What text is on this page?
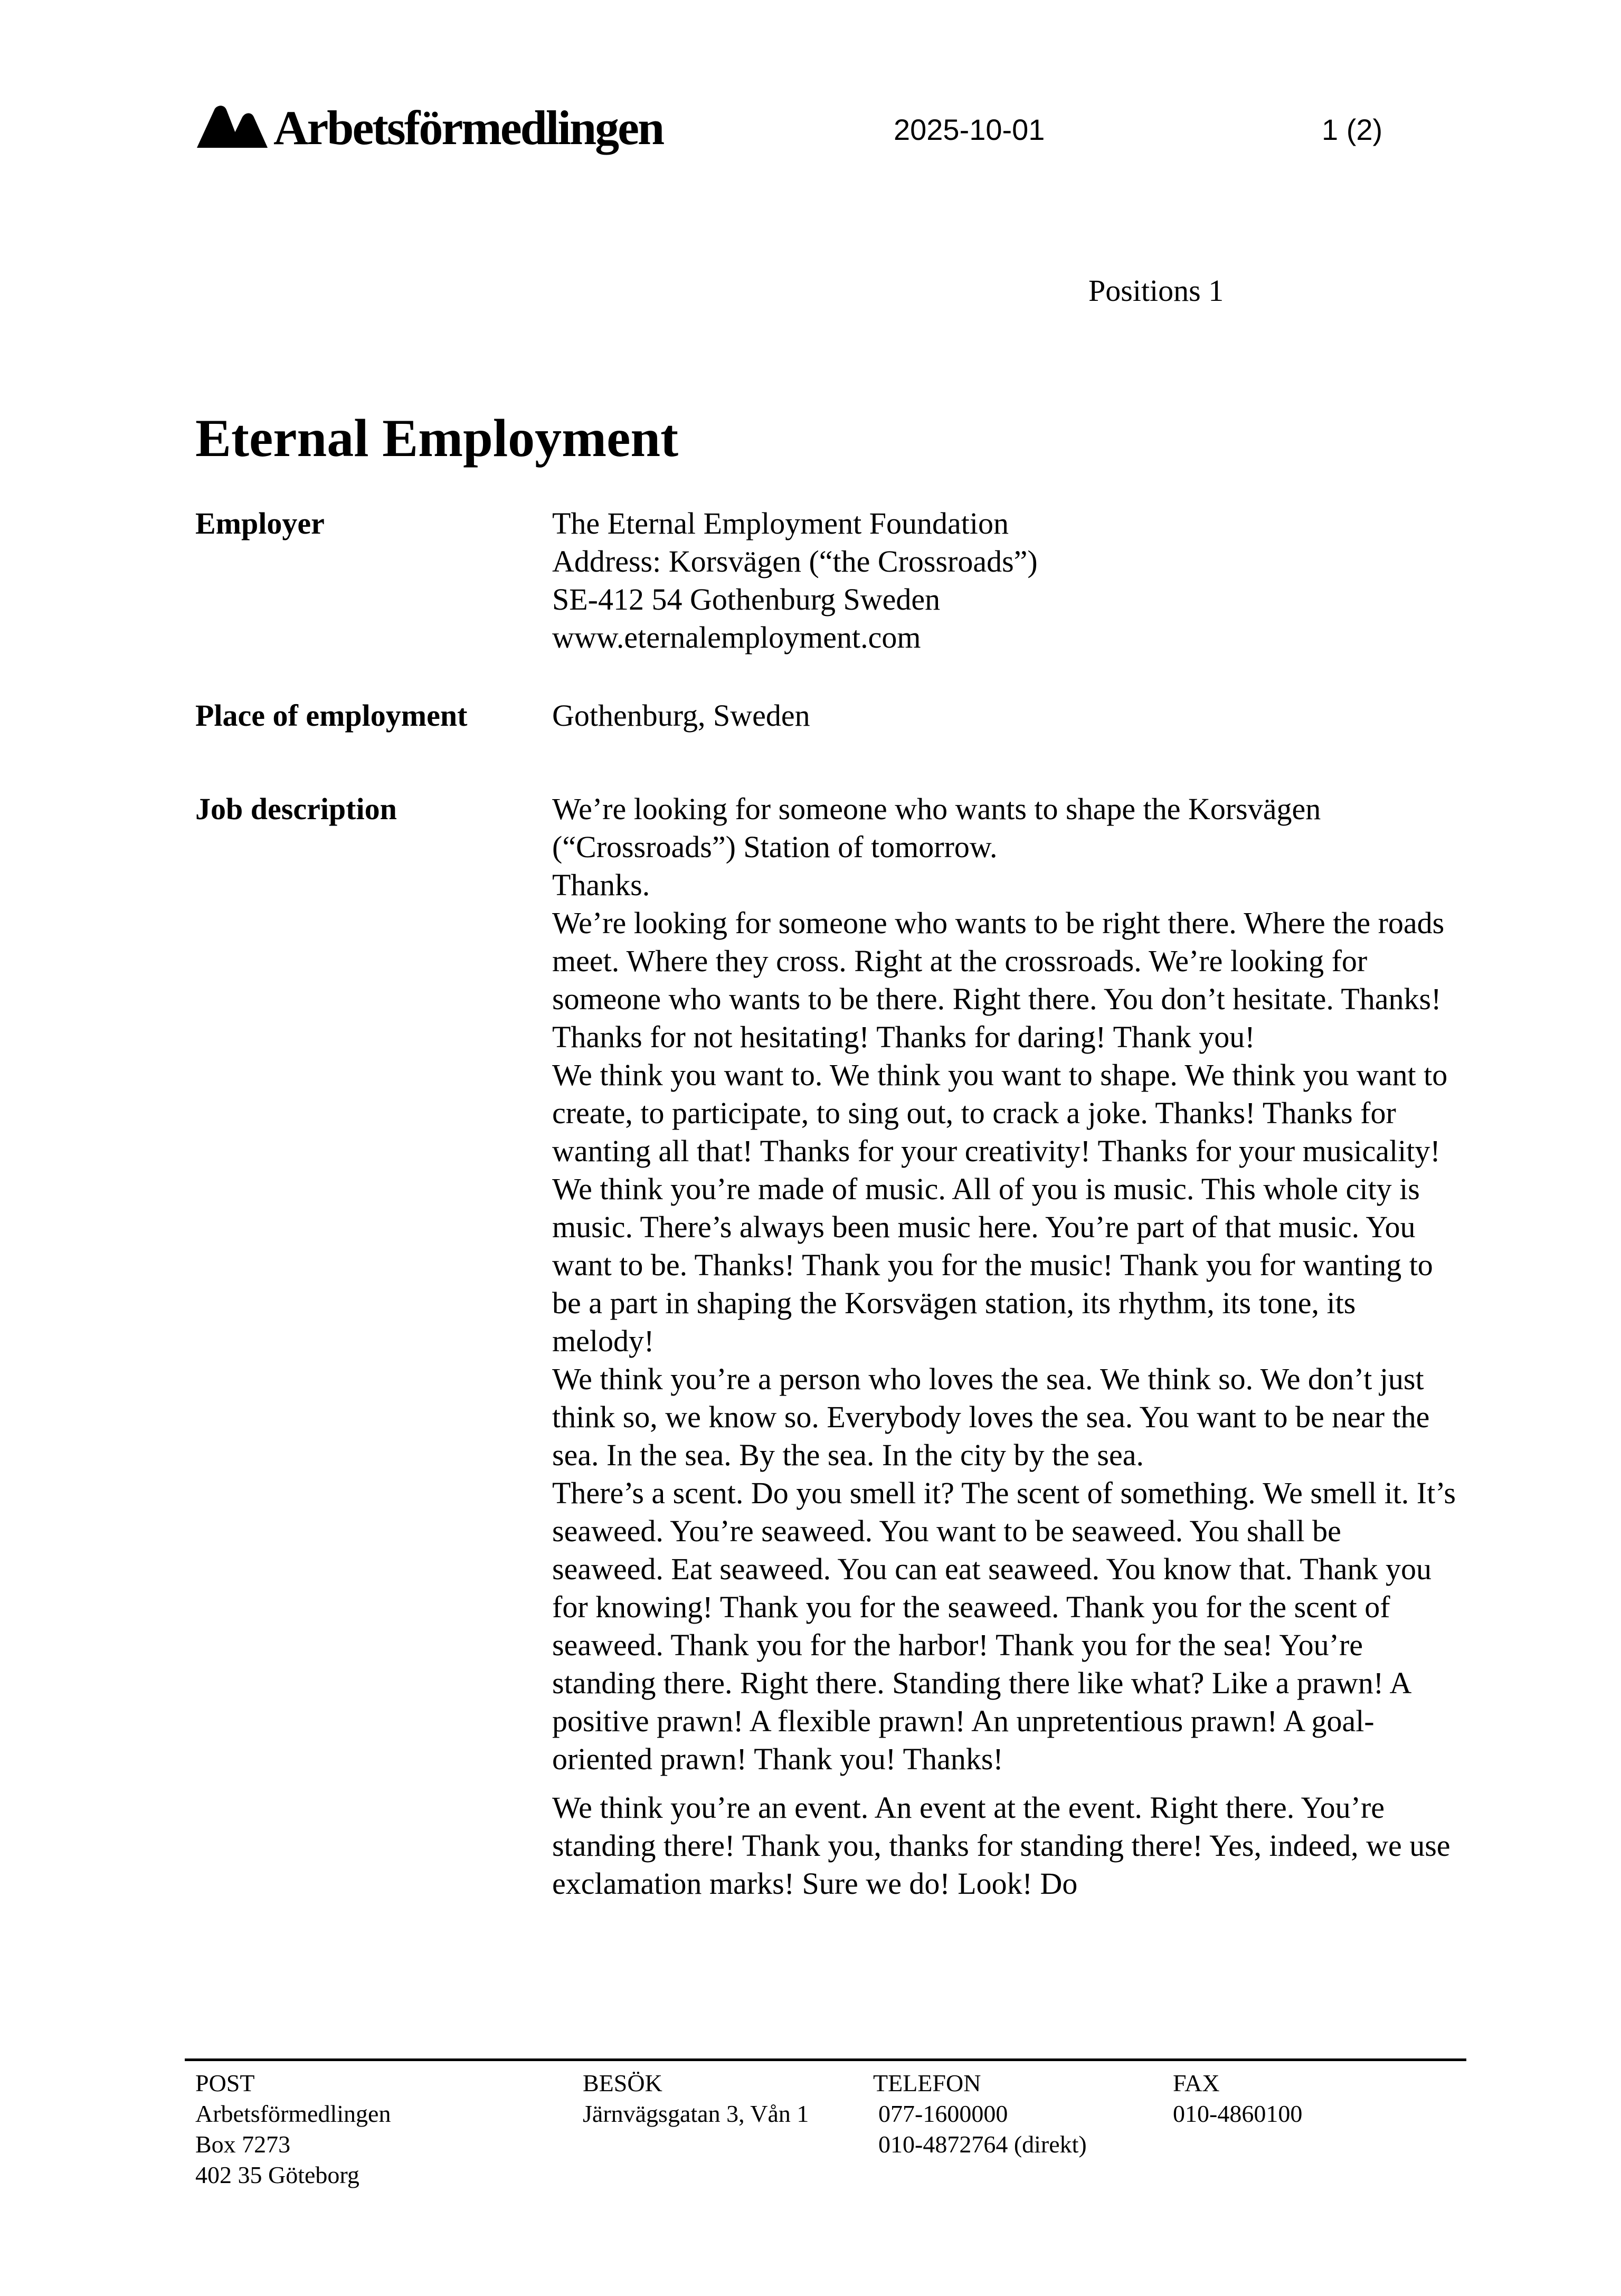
Arbetsförmedlingen	2025-10-01	1 (2)
Positions 1
Eternal Employment
Employer	The Eternal Employment Foundation
Address: Korsvägen (“the Crossroads”)
SE-412 54 Gothenburg Sweden
www.eternalemployment.com
Place of employment	Gothenburg, Sweden
Job description	We’re looking for someone who wants to shape the Korsvägen (“Crossroads”) Station of tomorrow.

Thanks.

We’re looking for someone who wants to be right there. Where the roads meet. Where they cross. Right at the crossroads. We’re looking for someone who wants to be there. Right there. You don’t hesitate. Thanks! Thanks for not hesitating! Thanks for daring! Thank you!

We think you want to. We think you want to shape. We think you want to create, to participate, to sing out, to crack a joke. Thanks! Thanks for wanting all that! Thanks for your creativity! Thanks for your musicality! We think you’re made of music. All of you is music. This whole city is music. There’s always been music here. You’re part of that music. You want to be. Thanks! Thank you for the music! Thank you for wanting to be a part in shaping the Korsvägen station, its rhythm, its tone, its melody!

We think you’re a person who loves the sea. We think so. We don’t just think so, we know so. Everybody loves the sea. You want to be near the sea. In the sea. By the sea. In the city by the sea.

There’s a scent. Do you smell it? The scent of something. We smell it. It’s seaweed. You’re seaweed. You want to be seaweed. You shall be seaweed. Eat seaweed. You can eat seaweed. You know that. Thank you for knowing! Thank you for the seaweed. Thank you for the scent of seaweed. Thank you for the harbor! Thank you for the sea! You’re standing there. Right there. Standing there like what? Like a prawn! A positive prawn! A flexible prawn! An unpretentious prawn! A goal-oriented prawn! Thank you! Thanks!

We think you’re an event. An event at the event. Right there. You’re standing there! Thank you, thanks for standing there! Yes, indeed, we use exclamation marks! Sure we do! Look! Do

POST
Arbetsförmedlingen
Box 7273
402 35 Göteborg
BESÖK
Järnvägsgatan 3, Vån 1
TELEFON
077-1600000
010-4872764 (direkt)
FAX
010-4860100
